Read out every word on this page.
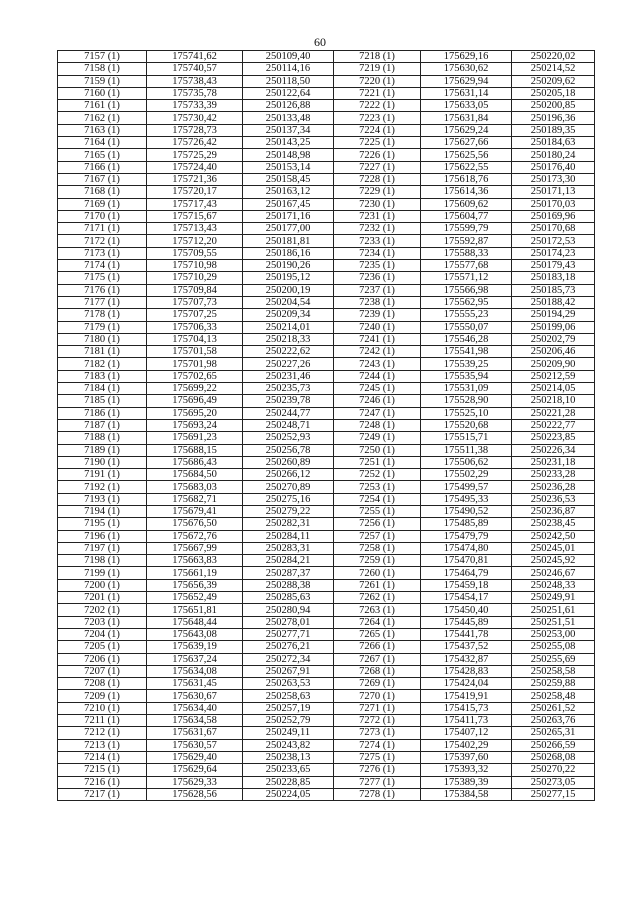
60
7157 (1)	175741,62	250109,40	7218 (1)	175629,16	250220,02
7158 (1)	175740,57	250114,16	7219 (1)	175630,62	250214,52
7159 (1)	175738,43	250118,50	7220 (1)	175629,94	250209,62
7160 (1)	175735,78	250122,64	7221 (1)	175631,14	250205,18
7161 (1)	175733,39	250126,88	7222 (1)	175633,05	250200,85
7162 (1)	175730,42	250133,48	7223 (1)	175631,84	250196,36
7163 (1)	175728,73	250137,34	7224 (1)	175629,24	250189,35
7164 (1)	175726,42	250143,25	7225 (1)	175627,66	250184,63
7165 (1)	175725,29	250148,98	7226 (1)	175625,56	250180,24
7166 (1)	175724,40	250153,14	7227 (1)	175622,55	250176,40
7167 (1)	175721,36	250158,45	7228 (1)	175618,76	250173,30
7168 (1)	175720,17	250163,12	7229 (1)	175614,36	250171,13
7169 (1)	175717,43	250167,45	7230 (1)	175609,62	250170,03
7170 (1)	175715,67	250171,16	7231 (1)	175604,77	250169,96
7171 (1)	175713,43	250177,00	7232 (1)	175599,79	250170,68
7172 (1)	175712,20	250181,81	7233 (1)	175592,87	250172,53
7173 (1)	175709,55	250186,16	7234 (1)	175588,33	250174,23
7174 (1)	175710,98	250190,26	7235 (1)	175577,68	250179,43
7175 (1)	175710,29	250195,12	7236 (1)	175571,12	250183,18
7176 (1)	175709,84	250200,19	7237 (1)	175566,98	250185,73
7177 (1)	175707,73	250204,54	7238 (1)	175562,95	250188,42
7178 (1)	175707,25	250209,34	7239 (1)	175555,23	250194,29
7179 (1)	175706,33	250214,01	7240 (1)	175550,07	250199,06
7180 (1)	175704,13	250218,33	7241 (1)	175546,28	250202,79
7181 (1)	175701,58	250222,62	7242 (1)	175541,98	250206,46
7182 (1)	175701,98	250227,26	7243 (1)	175539,25	250209,90
7183 (1)	175702,65	250231,46	7244 (1)	175535,94	250212,59
7184 (1)	175699,22	250235,73	7245 (1)	175531,09	250214,05
7185 (1)	175696,49	250239,78	7246 (1)	175528,90	250218,10
7186 (1)	175695,20	250244,77	7247 (1)	175525,10	250221,28
7187 (1)	175693,24	250248,71	7248 (1)	175520,68	250222,77
7188 (1)	175691,23	250252,93	7249 (1)	175515,71	250223,85
7189 (1)	175688,15	250256,78	7250 (1)	175511,38	250226,34
7190 (1)	175686,43	250260,89	7251 (1)	175506,62	250231,18
7191 (1)	175684,50	250266,12	7252 (1)	175502,29	250233,28
7192 (1)	175683,03	250270,89	7253 (1)	175499,57	250236,28
7193 (1)	175682,71	250275,16	7254 (1)	175495,33	250236,53
7194 (1)	175679,41	250279,22	7255 (1)	175490,52	250236,87
7195 (1)	175676,50	250282,31	7256 (1)	175485,89	250238,45
7196 (1)	175672,76	250284,11	7257 (1)	175479,79	250242,50
7197 (1)	175667,99	250283,31	7258 (1)	175474,80	250245,01
7198 (1)	175663,83	250284,21	7259 (1)	175470,81	250245,92
7199 (1)	175661,19	250287,37	7260 (1)	175464,79	250246,67
7200 (1)	175656,39	250288,38	7261 (1)	175459,18	250248,33
7201 (1)	175652,49	250285,63	7262 (1)	175454,17	250249,91
7202 (1)	175651,81	250280,94	7263 (1)	175450,40	250251,61
7203 (1)	175648,44	250278,01	7264 (1)	175445,89	250251,51
7204 (1)	175643,08	250277,71	7265 (1)	175441,78	250253,00
7205 (1)	175639,19	250276,21	7266 (1)	175437,52	250255,08
7206 (1)	175637,24	250272,34	7267 (1)	175432,87	250255,69
7207 (1)	175634,08	250267,91	7268 (1)	175428,83	250258,58
7208 (1)	175631,45	250263,53	7269 (1)	175424,04	250259,88
7209 (1)	175630,67	250258,63	7270 (1)	175419,91	250258,48
7210 (1)	175634,40	250257,19	7271 (1)	175415,73	250261,52
7211 (1)	175634,58	250252,79	7272 (1)	175411,73	250263,76
7212 (1)	175631,67	250249,11	7273 (1)	175407,12	250265,31
7213 (1)	175630,57	250243,82	7274 (1)	175402,29	250266,59
7214 (1)	175629,40	250238,13	7275 (1)	175397,60	250268,08
7215 (1)	175629,64	250233,65	7276 (1)	175393,32	250270,22
7216 (1)	175629,33	250228,85	7277 (1)	175389,39	250273,05
7217 (1)	175628,56	250224,05	7278 (1)	175384,58	250277,15
